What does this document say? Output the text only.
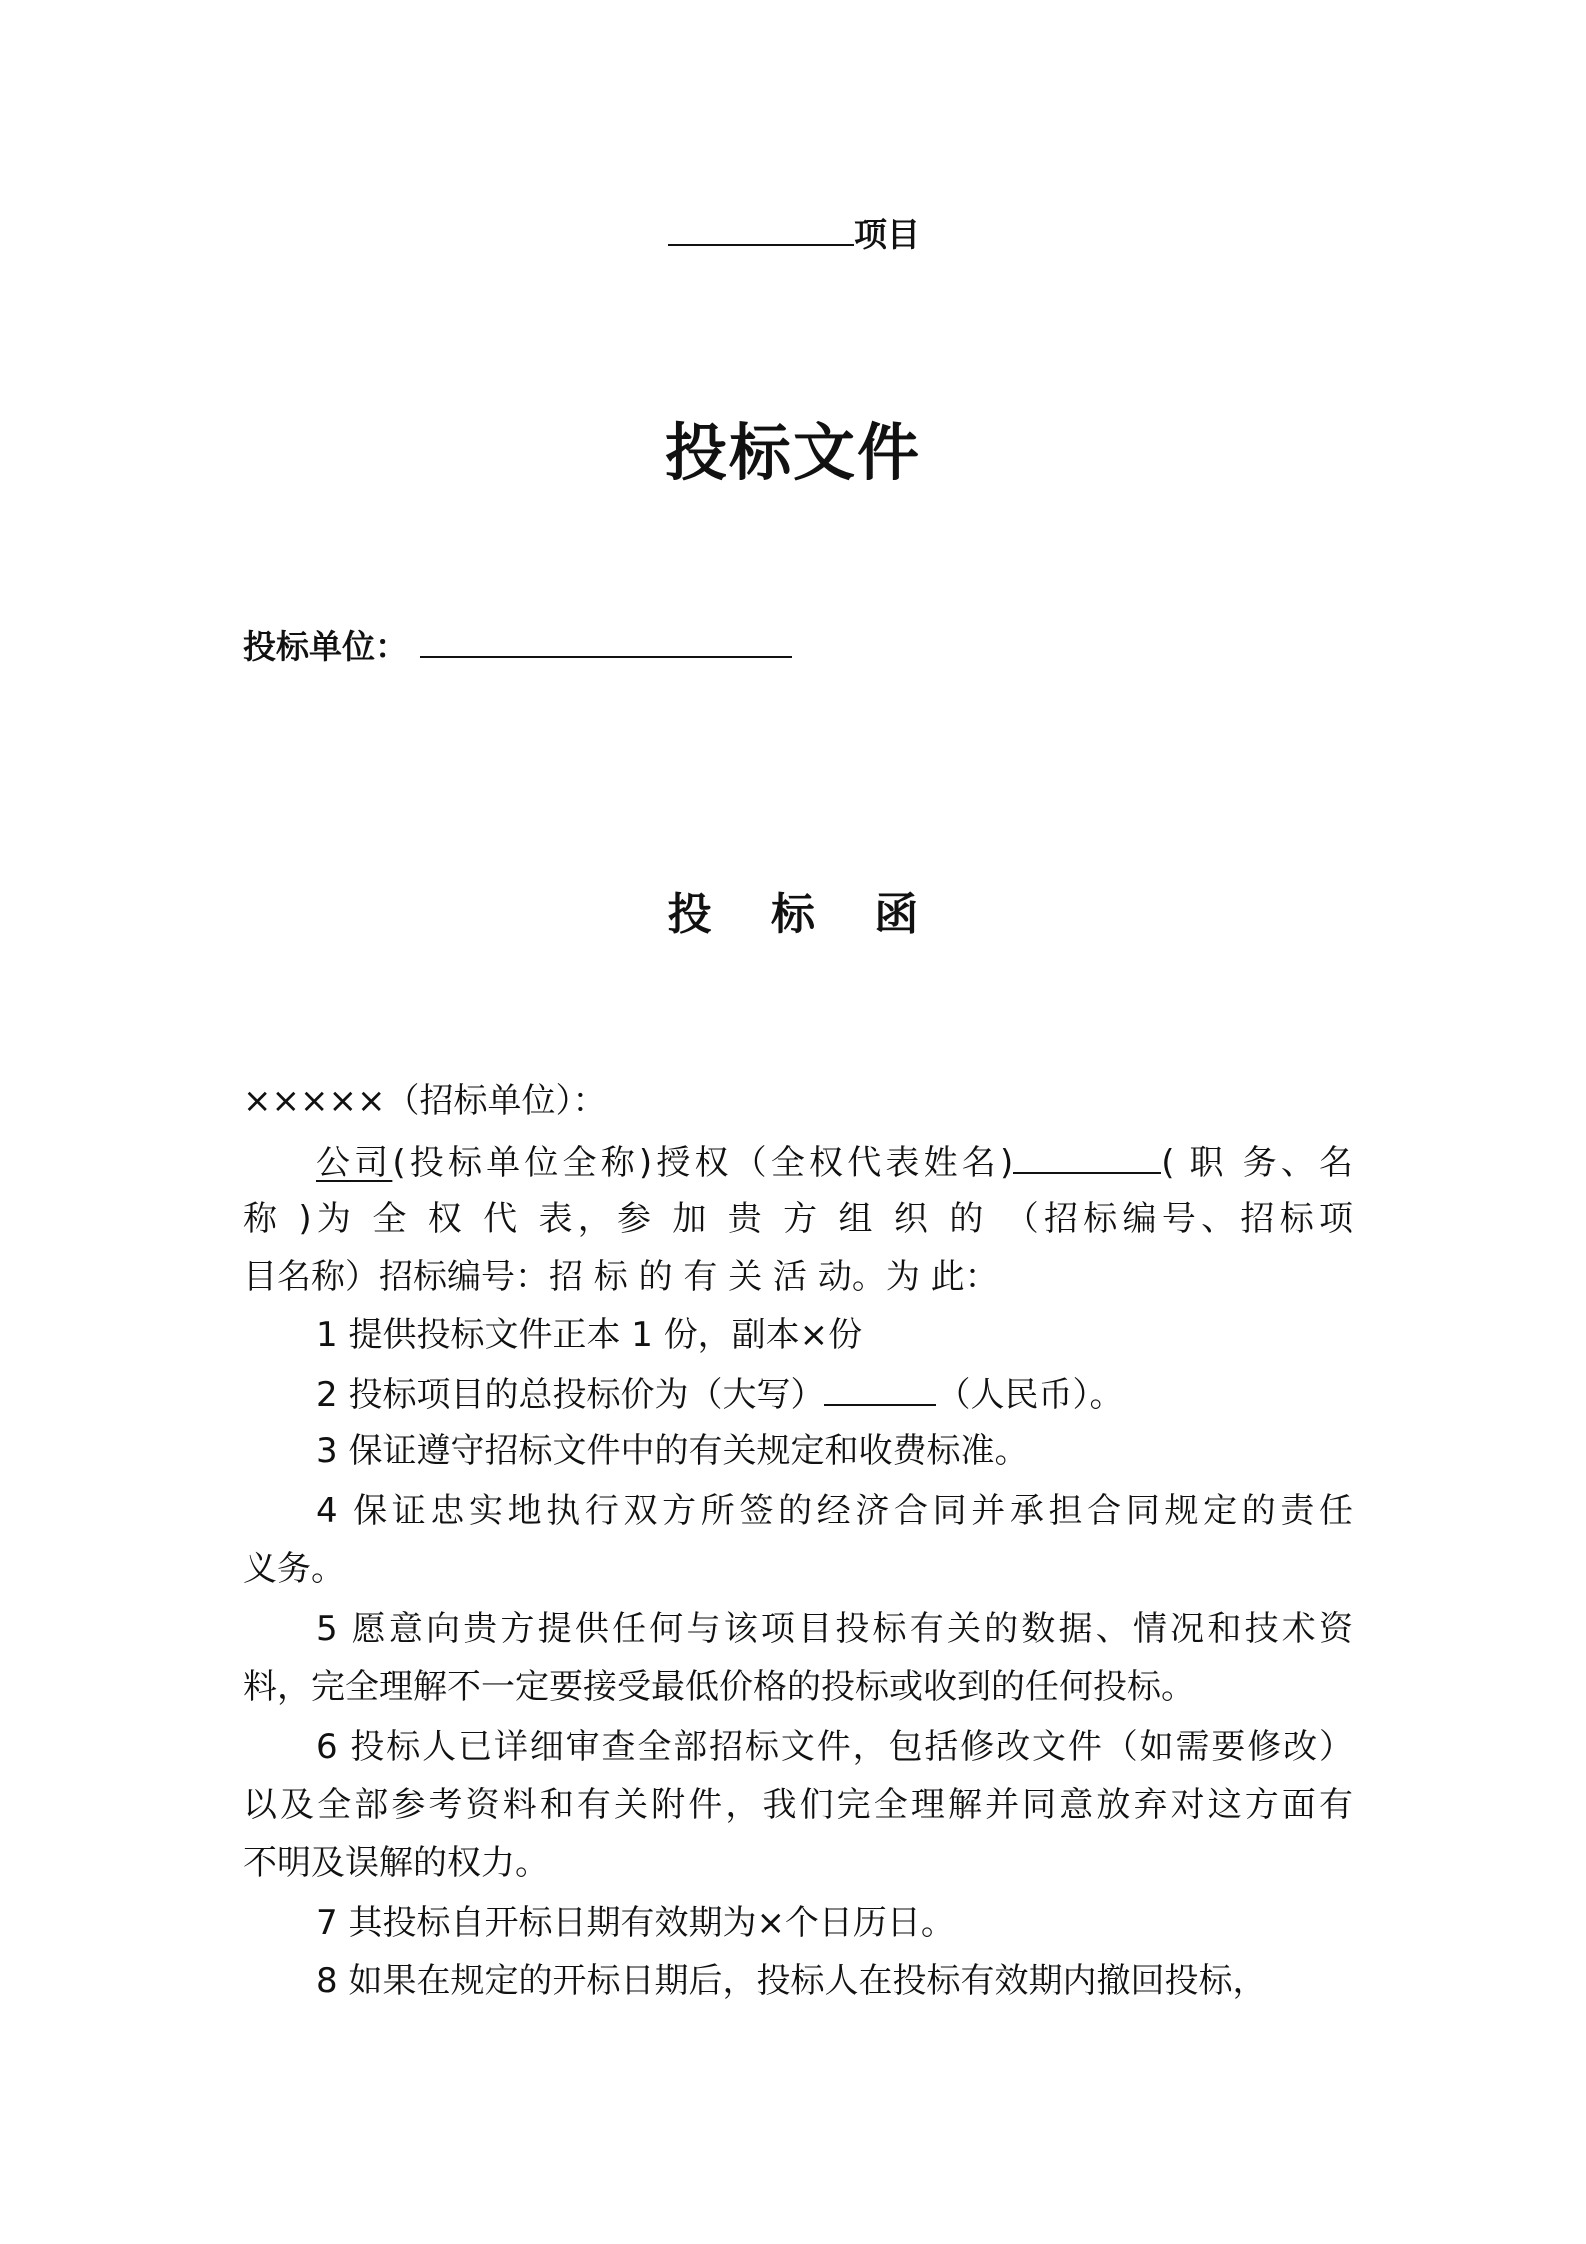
项目
投标文件
投标单位：
投 标 函
×××××（招标单位）：
公司(投标单位全称)授权（全权代表姓名)	( 职 务、名
称 )为 全 权 代 表，参 加 贵 方 组 织 的 （招标编号、招标项
目名称）招标编号：招 标 的 有 关 活 动。为 此：
1 提供投标文件正本 1 份，副本×份
2 投标项目的总投标价为（大写）	（人民币）。
3 保证遵守招标文件中的有关规定和收费标准。
4 保证忠实地执行双方所签的经济合同并承担合同规定的责任
义务。
5 愿意向贵方提供任何与该项目投标有关的数据、情况和技术资
料，完全理解不一定要接受最低价格的投标或收到的任何投标。
6 投标人已详细审查全部招标文件，包括修改文件（如需要修改）
以及全部参考资料和有关附件，我们完全理解并同意放弃对这方面有
不明及误解的权力。
7 其投标自开标日期有效期为×个日历日。
8 如果在规定的开标日期后，投标人在投标有效期内撤回投标，
